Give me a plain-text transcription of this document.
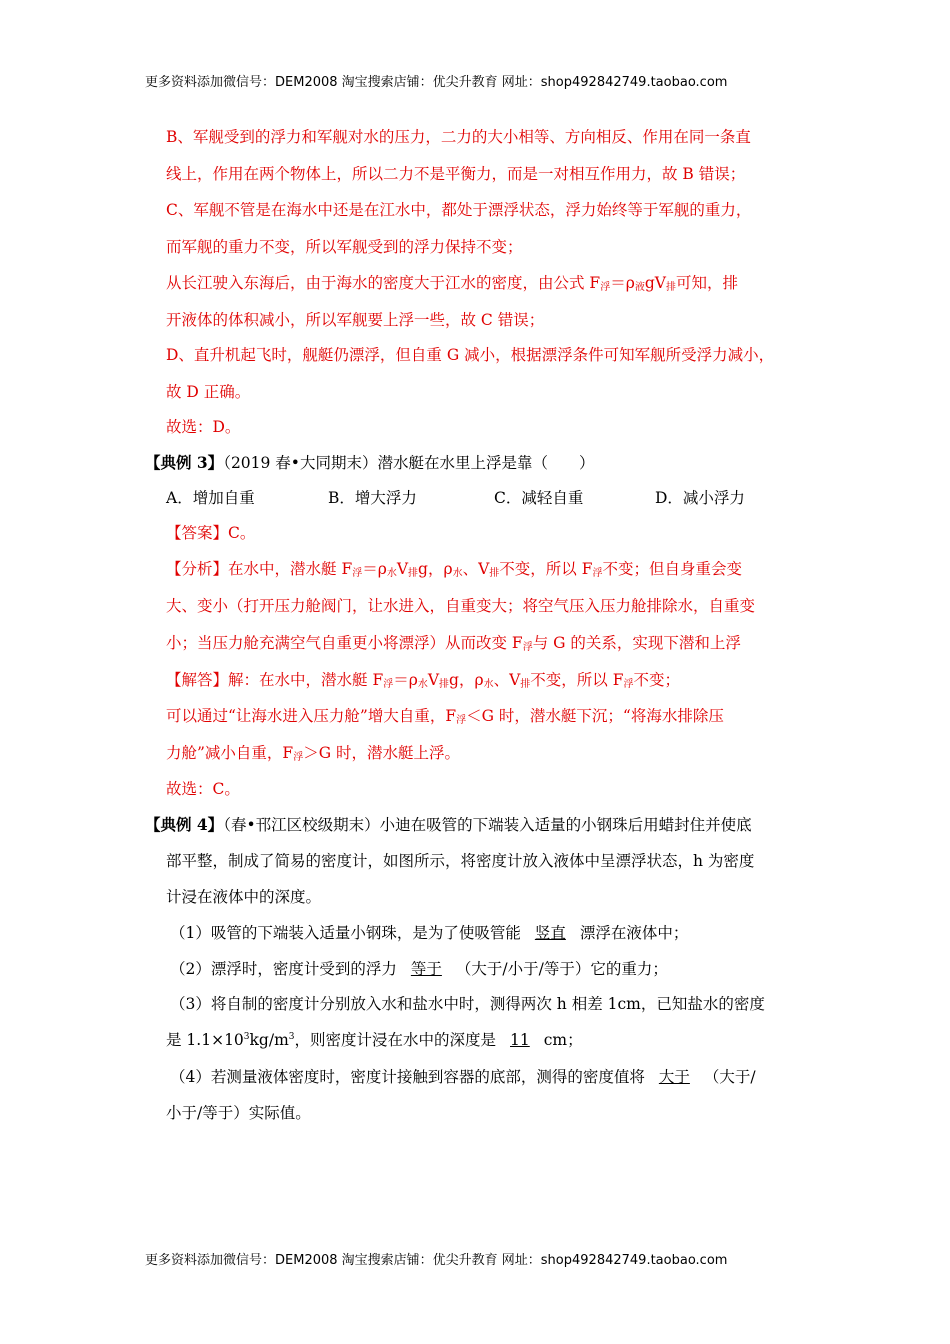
更多资料添加微信号：DEM2008 淘宝搜索店铺：优尖升教育 网址：shop492842749.taobao.com
B、军舰受到的浮力和军舰对水的压力，二力的大小相等、方向相反、作用在同一条直
线上，作用在两个物体上，所以二力不是平衡力，而是一对相互作用力，故 B 错误；
C、军舰不管是在海水中还是在江水中，都处于漂浮状态，浮力始终等于军舰的重力，
而军舰的重力不变，所以军舰受到的浮力保持不变；
从长江驶入东海后，由于海水的密度大于江水的密度，由公式 F浮＝ρ液gV排可知，排
开液体的体积减小，所以军舰要上浮一些，故 C 错误；
D、直升机起飞时，舰艇仍漂浮，但自重 G 减小，根据漂浮条件可知军舰所受浮力减小，
故 D 正确。
故选：D。
【典例 3】（2019 春•大同期末）潜水艇在水里上浮是靠（　　）
A．增加自重	B．增大浮力	C．减轻自重	D．减小浮力
【答案】C。
【分析】在水中，潜水艇 F浮＝ρ水V排g，ρ水、V排不变，所以 F浮不变；但自身重会变
大、变小（打开压力舱阀门，让水进入，自重变大；将空气压入压力舱排除水，自重变
小；当压力舱充满空气自重更小将漂浮）从而改变 F浮与 G 的关系，实现下潜和上浮
【解答】解：在水中，潜水艇 F浮＝ρ水V排g，ρ水、V排不变，所以 F浮不变；
可以通过“让海水进入压力舱”增大自重，F浮＜G 时，潜水艇下沉；“将海水排除压
力舱”减小自重，F浮＞G 时，潜水艇上浮。
故选：C。
【典例 4】（春•邗江区校级期末）小迪在吸管的下端装入适量的小钢珠后用蜡封住并使底
部平整，制成了简易的密度计，如图所示，将密度计放入液体中呈漂浮状态，h 为密度
计浸在液体中的深度。
（1）吸管的下端装入适量小钢珠，是为了使吸管能 竖直 漂浮在液体中；
（2）漂浮时，密度计受到的浮力 等于 （大于/小于/等于）它的重力；
（3）将自制的密度计分别放入水和盐水中时，测得两次 h 相差 1cm，已知盐水的密度
是 $1.1\times 10^3kg/m^3$，则密度计浸在水中的深度是 11 cm；
（4）若测量液体密度时，密度计接触到容器的底部，测得的密度值将 大于 （大于/
小于/等于）实际值。
更多资料添加微信号：DEM2008 淘宝搜索店铺：优尖升教育 网址：shop492842749.taobao.com
